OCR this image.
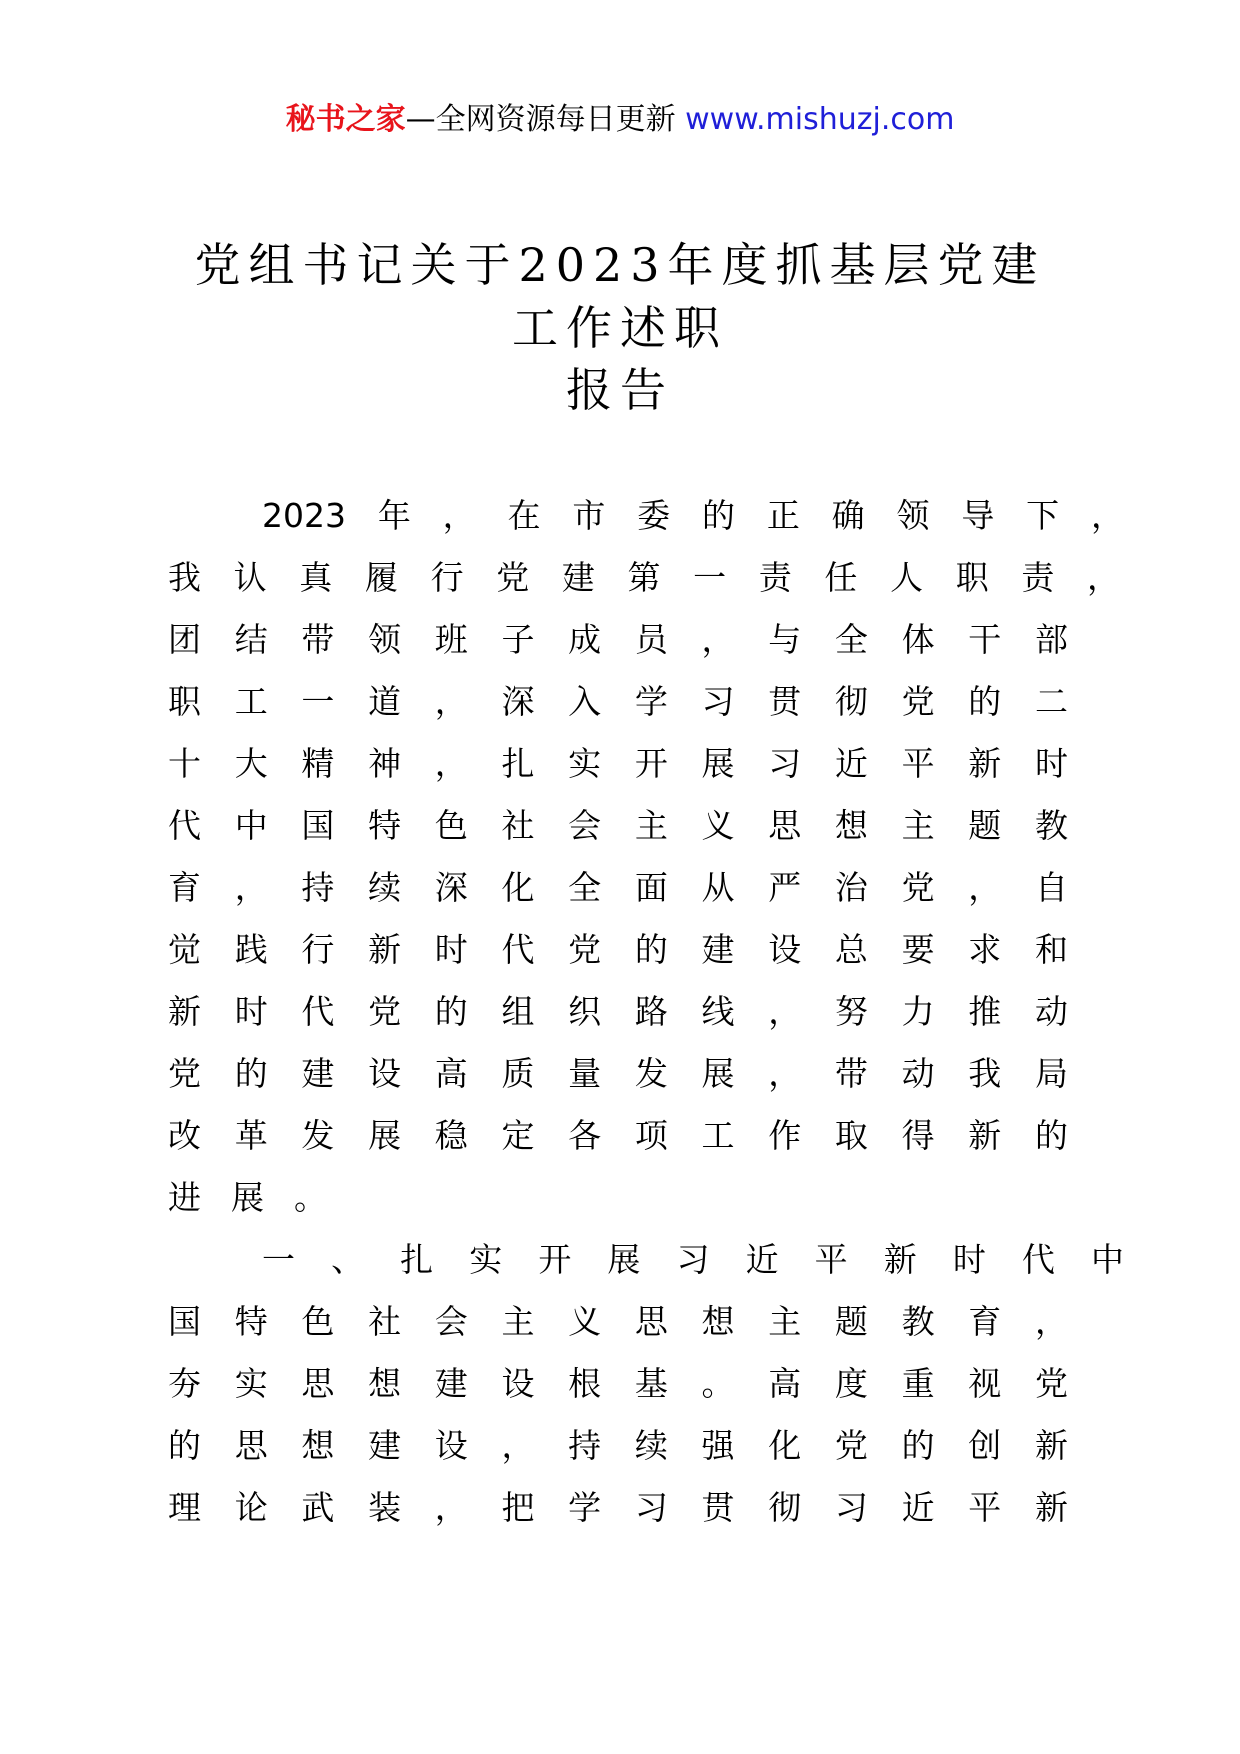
秘书之家—全网资源每日更新 www.mishuzj.com
党组书记关于2023年度抓基层党建
工作述职
报告
2023年，在市委的正确领导下，
我认真履行党建第一责任人职责，
团结带领班子成员，与全体干部
职工一道，深入学习贯彻党的二
十大精神，扎实开展习近平新时
代中国特色社会主义思想主题教
育，持续深化全面从严治党，自
觉践行新时代党的建设总要求和
新时代党的组织路线，努力推动
党的建设高质量发展，带动我局
改革发展稳定各项工作取得新的
进展。
一、扎实开展习近平新时代中
国特色社会主义思想主题教育，
夯实思想建设根基。高度重视党
的思想建设，持续强化党的创新
理论武装，把学习贯彻习近平新
